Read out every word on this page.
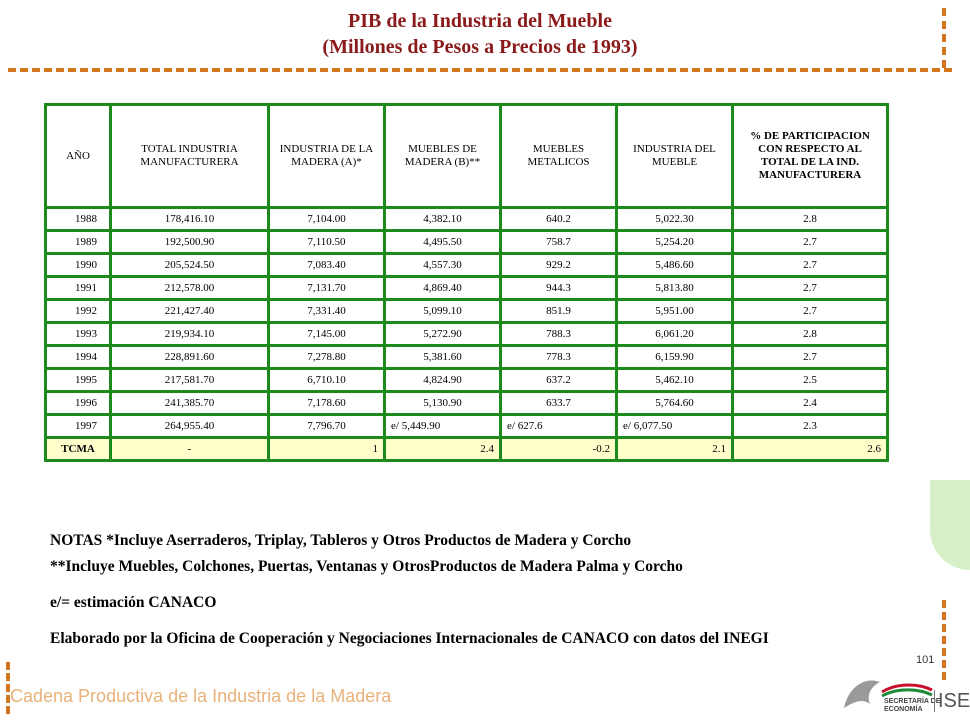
PIB de la Industria del Mueble
(Millones de Pesos a Precios de 1993)
AÑO	TOTAL INDUSTRIA MANUFACTURERA	INDUSTRIA DE LA MADERA (A)*	MUEBLES DE MADERA (B)**	MUEBLES METALICOS	INDUSTRIA DEL MUEBLE	% DE PARTICIPACION CON RESPECTO AL TOTAL DE LA IND. MANUFACTURERA
1988	178,416.10	7,104.00	4,382.10	640.2	5,022.30	2.8
1989	192,500.90	7,110.50	4,495.50	758.7	5,254.20	2.7
1990	205,524.50	7,083.40	4,557.30	929.2	5,486.60	2.7
1991	212,578.00	7,131.70	4,869.40	944.3	5,813.80	2.7
1992	221,427.40	7,331.40	5,099.10	851.9	5,951.00	2.7
1993	219,934.10	7,145.00	5,272.90	788.3	6,061.20	2.8
1994	228,891.60	7,278.80	5,381.60	778.3	6,159.90	2.7
1995	217,581.70	6,710.10	4,824.90	637.2	5,462.10	2.5
1996	241,385.70	7,178.60	5,130.90	633.7	5,764.60	2.4
1997	264,955.40	7,796.70	e/ 5,449.90	e/ 627.6	e/ 6,077.50	2.3
TCMA	-	1	2.4	-0.2	2.1	2.6

NOTAS *Incluye Aserraderos, Triplay, Tableros y Otros Productos de Madera y Corcho

**Incluye Muebles, Colchones, Puertas, Ventanas y OtrosProductos de Madera Palma y Corcho

e/= estimación CANACO

Elaborado por la Oficina de Cooperación y Negociaciones Internacionales de CANACO con datos del INEGI

101
Cadena Productiva de la Industria de la Madera	SECRETARÍA DE
ECONOMÍA ISE
